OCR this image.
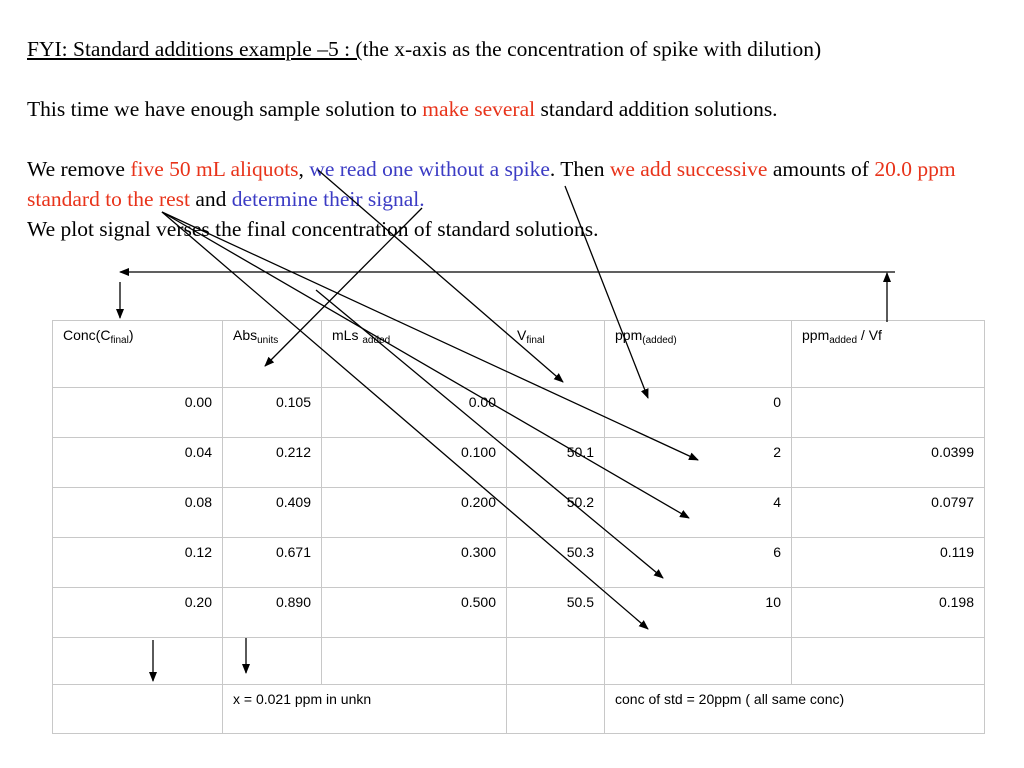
FYI: Standard additions example –5 : (the x-axis as the concentration of spike with dilution)

This time we have enough sample solution to make several standard addition solutions.

We remove five 50 mL aliquots, we read one without a spike. Then we add successive amounts of 20.0 ppm standard to the rest and determine their signal.

We plot signal verses the final concentration of standard solutions.

$Conc(C_{final})$	Abs$_{units}$	mLs $_{added}$	$V_{final}$	ppm$_{(added)}$	ppm$_{added}$ / Vf
0.00	0.105	0.00		0	
0.04	0.212	0.100	50.1	2	0.0399
0.08	0.409	0.200	50.2	4	0.0797
0.12	0.671	0.300	50.3	6	0.119
0.20	0.890	0.500	50.5	10	0.198

	x = 0.021 ppm in unkn			conc of std = 20ppm ( all same conc)	
